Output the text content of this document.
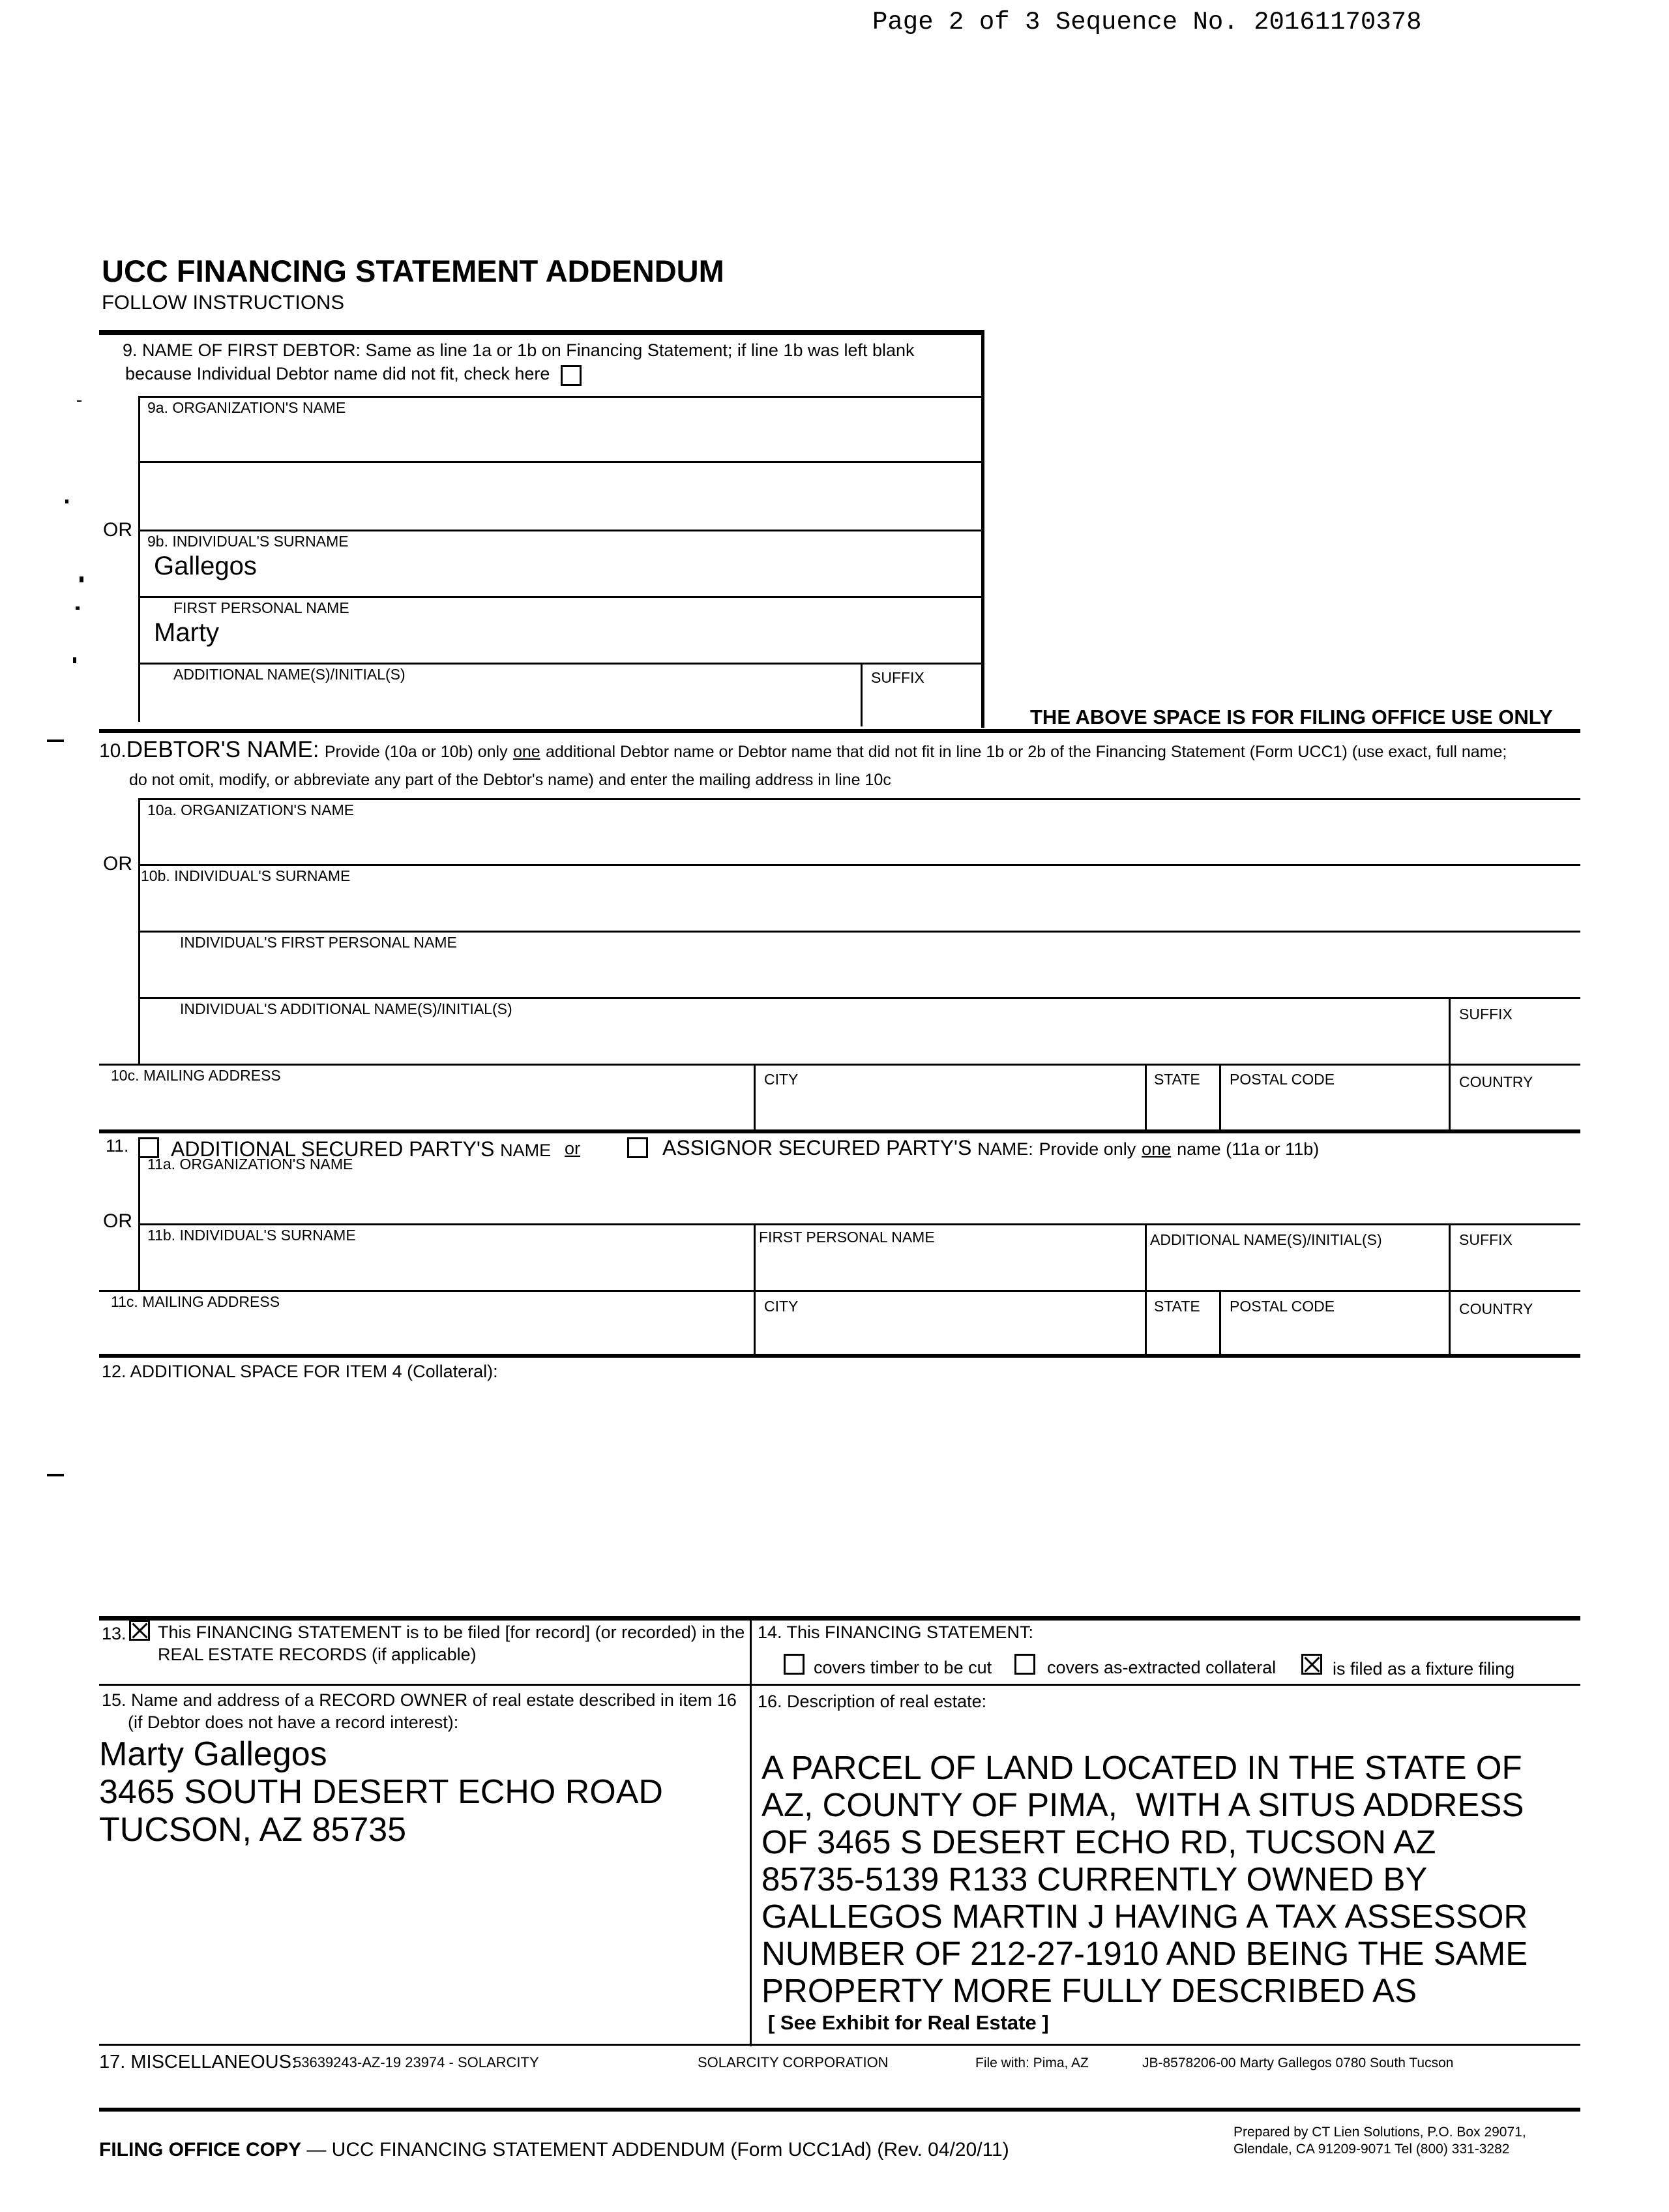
Page 2 of 3 Sequence No. 20161170378
UCC FINANCING STATEMENT ADDENDUM
FOLLOW INSTRUCTIONS
9. NAME OF FIRST DEBTOR: Same as line 1a or 1b on Financing Statement; if line 1b was left blank
because Individual Debtor name did not fit, check here
9a. ORGANIZATION'S NAME
OR
9b. INDIVIDUAL'S SURNAME
Gallegos
FIRST PERSONAL NAME
Marty
ADDITIONAL NAME(S)/INITIAL(S)	SUFFIX
THE ABOVE SPACE IS FOR FILING OFFICE USE ONLY
10.DEBTOR'S NAME: Provide (10a or 10b) only one additional Debtor name or Debtor name that did not fit in line 1b or 2b of the Financing Statement (Form UCC1) (use exact, full name;
do not omit, modify, or abbreviate any part of the Debtor's name) and enter the mailing address in line 10c
10a. ORGANIZATION'S NAME
OR
10b. INDIVIDUAL'S SURNAME
INDIVIDUAL'S FIRST PERSONAL NAME
INDIVIDUAL'S ADDITIONAL NAME(S)/INITIAL(S)	SUFFIX
10c. MAILING ADDRESS	CITY	STATE POSTAL CODE	COUNTRY
11. ADDITIONAL SECURED PARTY'S NAME or	ASSIGNOR SECURED PARTY'S NAME: Provide only one name (11a or 11b)
11a. ORGANIZATION'S NAME
OR
11b. INDIVIDUAL'S SURNAME	FIRST PERSONAL NAME	ADDITIONAL NAME(S)/INITIAL(S)	SUFFIX
11c. MAILING ADDRESS	CITY	STATE POSTAL CODE	COUNTRY
12. ADDITIONAL SPACE FOR ITEM 4 (Collateral):
13. This FINANCING STATEMENT is to be filed [for record] (or recorded) in the
REAL ESTATE RECORDS (if applicable)
14. This FINANCING STATEMENT:
covers timber to be cut	covers as-extracted collateral	is filed as a fixture filing
15. Name and address of a RECORD OWNER of real estate described in item 16
(if Debtor does not have a record interest):
Marty Gallegos
3465 SOUTH DESERT ECHO ROAD
TUCSON, AZ 85735
16. Description of real estate:
A PARCEL OF LAND LOCATED IN THE STATE OF
AZ, COUNTY OF PIMA,  WITH A SITUS ADDRESS
OF 3465 S DESERT ECHO RD, TUCSON AZ
85735-5139 R133 CURRENTLY OWNED BY
GALLEGOS MARTIN J HAVING A TAX ASSESSOR
NUMBER OF 212-27-1910 AND BEING THE SAME
PROPERTY MORE FULLY DESCRIBED AS
[ See Exhibit for Real Estate ]
17. MISCELLANEOUS:
53639243-AZ-19 23974 - SOLARCITY	SOLARCITY CORPORATION	File with: Pima, AZ	JB-8578206-00 Marty Gallegos 0780 South Tucson
FILING OFFICE COPY — UCC FINANCING STATEMENT ADDENDUM (Form UCC1Ad) (Rev. 04/20/11)
Prepared by CT Lien Solutions, P.O. Box 29071,
Glendale, CA 91209-9071 Tel (800) 331-3282
